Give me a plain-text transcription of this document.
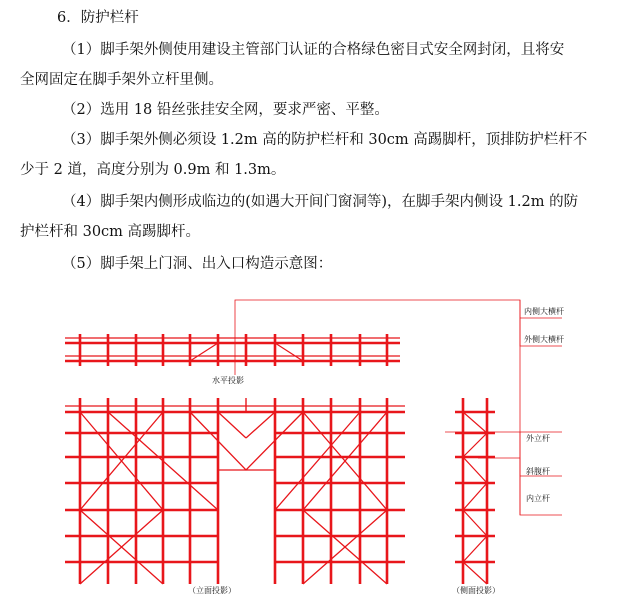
6．防护栏杆
（1）脚手架外侧使用建设主管部门认证的合格绿色密目式安全网封闭，且将安
全网固定在脚手架外立杆里侧。
（2）选用 18 铅丝张挂安全网，要求严密、平整。
（3）脚手架外侧必须设 1.2m 高的防护栏杆和 30cm 高踢脚杆，顶排防护栏杆不
少于 2 道，高度分别为 0.9m 和 1.3m。
（4）脚手架内侧形成临边的(如遇大开间门窗洞等)，在脚手架内侧设 1.2m 的防
护栏杆和 30cm 高踢脚杆。
（5）脚手架上门洞、出入口构造示意图：
内侧大横杆
外侧大横杆
水平投影
外立杆
斜腹杆
内立杆
（立面投影）	（侧面投影）
